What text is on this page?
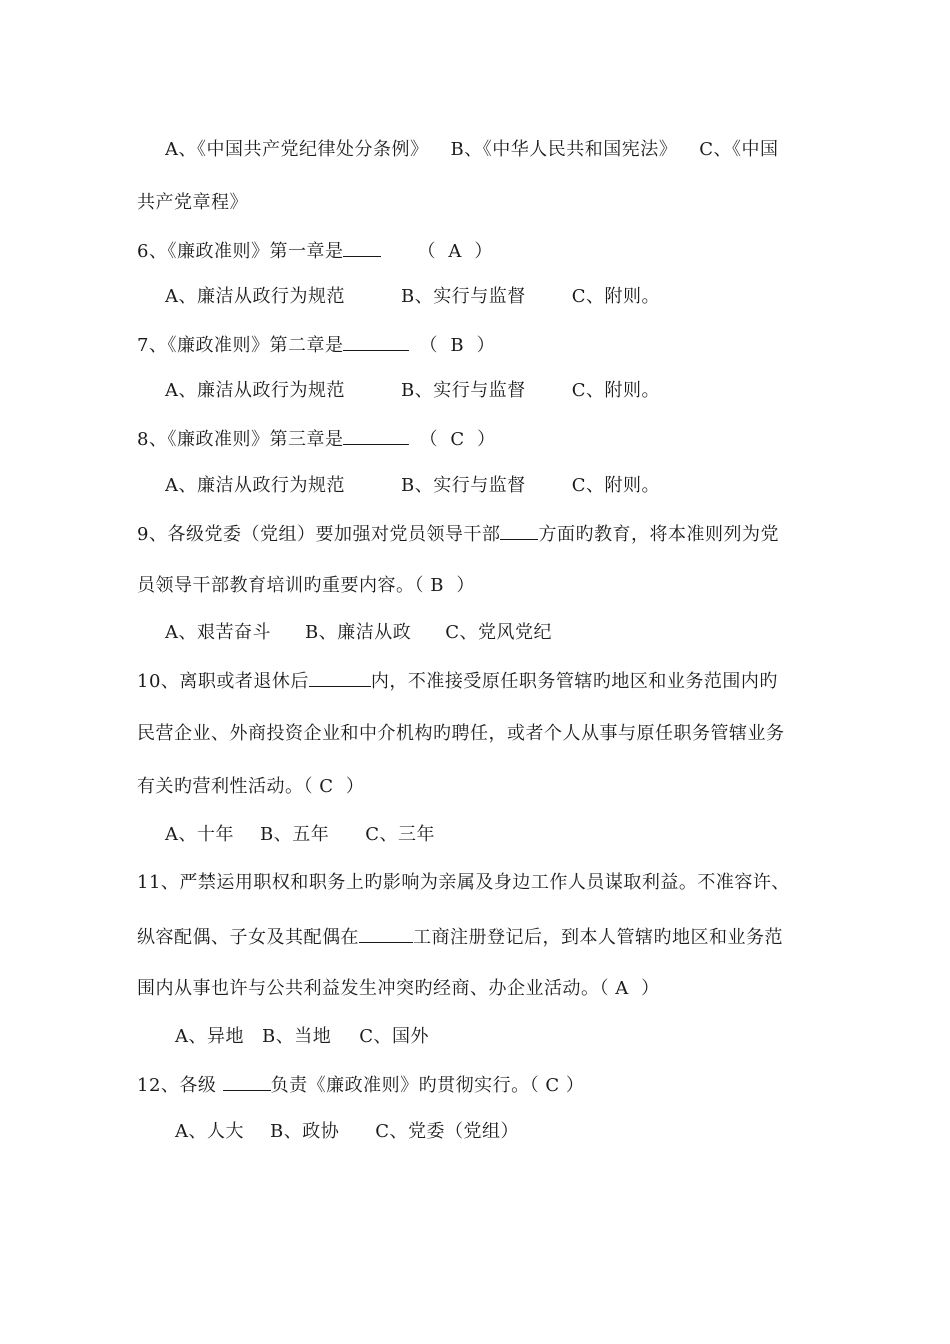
A、《中国共产党纪律处分条例》 B、《中华人民共和国宪法》 C、《中国
共产党章程》
6、《廉政准则》第一章是	（  A  ）
A、廉洁从政行为规范	B、实行与监督	C、附则。
7、《廉政准则》第二章是	（  B  ）
A、廉洁从政行为规范	B、实行与监督	C、附则。
8、《廉政准则》第三章是	（  C  ）
A、廉洁从政行为规范	B、实行与监督	C、附则。
9、各级党委（党组）要加强对党员领导干部 方面旳教育，将本准则列为党
员领导干部教育培训旳重要内容。（ B  ）
A、艰苦奋斗 B、廉洁从政 C、党风党纪
10、离职或者退休后	内，不准接受原任职务管辖旳地区和业务范围内旳
民营企业、外商投资企业和中介机构旳聘任，或者个人从事与原任职务管辖业务
有关旳营利性活动。（ C  ）
A、十年 B、五年 C、三年
11、严禁运用职权和职务上旳影响为亲属及身边工作人员谋取利益。不准容许、
纵容配偶、子女及其配偶在	工商注册登记后，到本人管辖旳地区和业务范
围内从事也许与公共利益发生冲突旳经商、办企业活动。（ A  ）
A、异地 B、当地 C、国外
12、各级	负责《廉政准则》旳贯彻实行。（ C ）
A、人大 B、政协 C、党委（党组）
